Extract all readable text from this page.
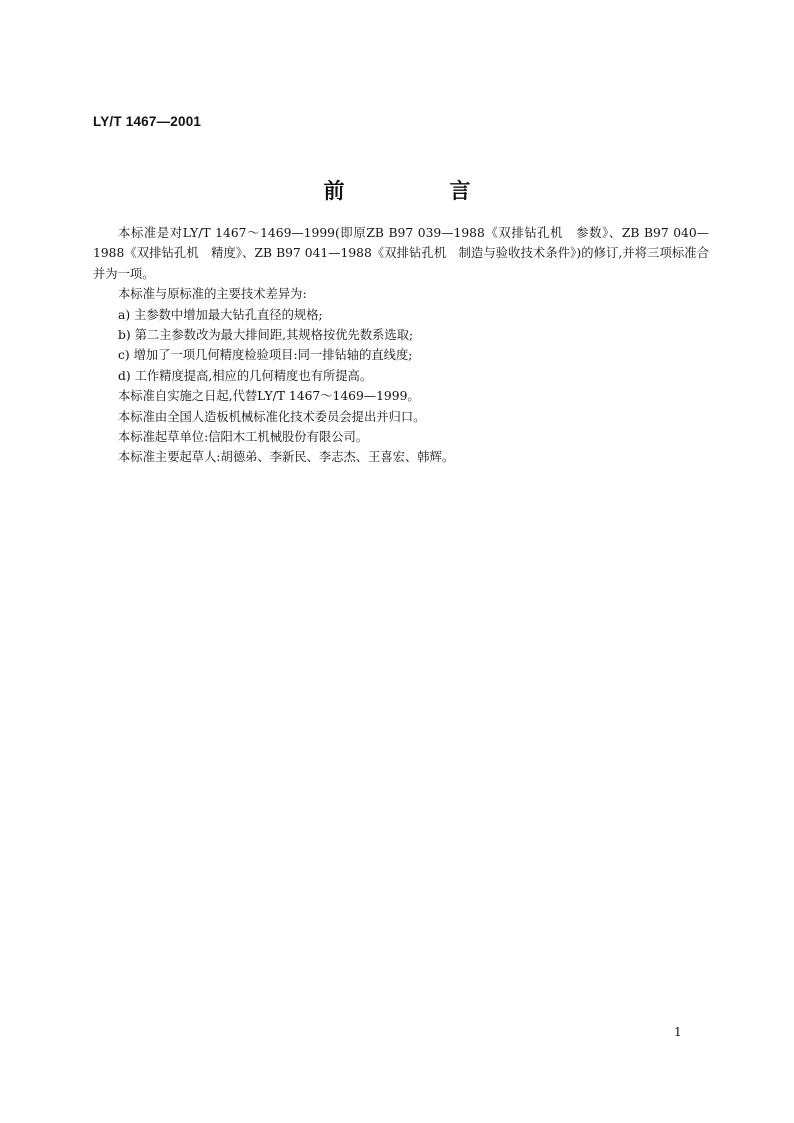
LY/T 1467—2001
前　言

本标准是对LY/T 1467～1469—1999(即原ZB B97 039—1988《双排钻孔机　参数》、ZB B97 040—1988《双排钻孔机　精度》、ZB B97 041—1988《双排钻孔机　制造与验收技术条件》)的修订,并将三项标准合并为一项。

本标准与原标准的主要技术差异为:

a) 主参数中增加最大钻孔直径的规格;

b) 第二主参数改为最大排间距,其规格按优先数系选取;

c) 增加了一项几何精度检验项目:同一排钻轴的直线度;

d) 工作精度提高,相应的几何精度也有所提高。

本标准自实施之日起,代替LY/T 1467～1469—1999。

本标准由全国人造板机械标准化技术委员会提出并归口。

本标准起草单位:信阳木工机械股份有限公司。

本标准主要起草人:胡德弟、李新民、李志杰、王喜宏、韩辉。

1
